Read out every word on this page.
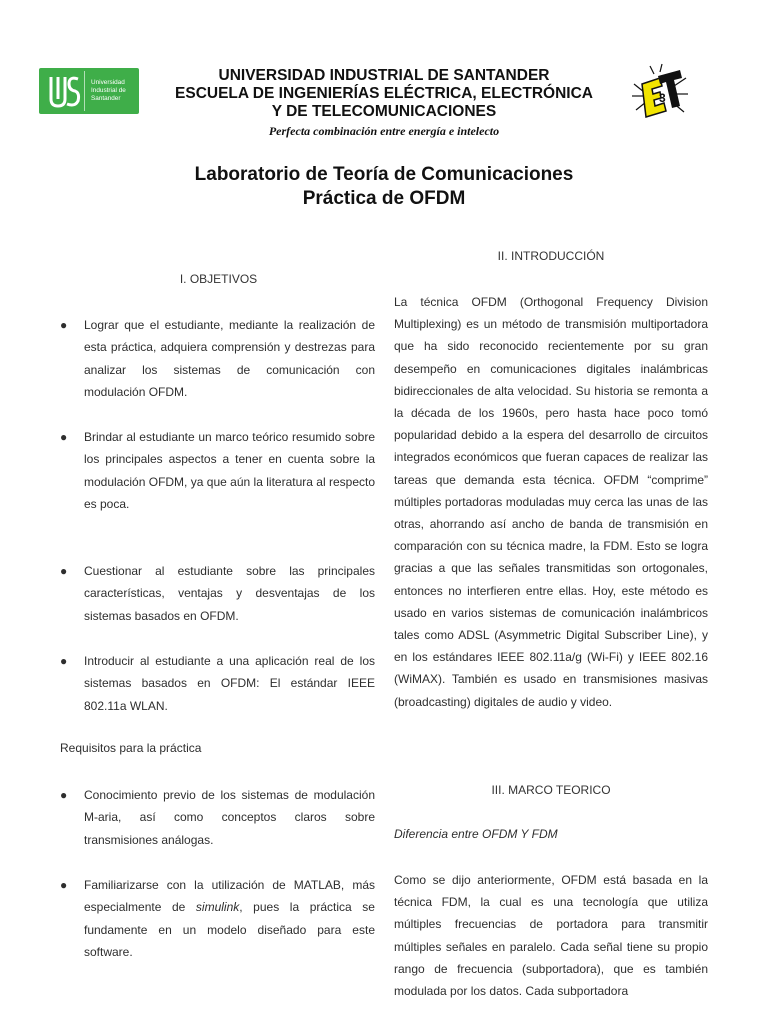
Universidad
Industrial de
Santander
UNIVERSIDAD INDUSTRIAL DE SANTANDER
ESCUELA DE INGENIERÍAS ELÉCTRICA, ELECTRÓNICA
Y DE TELECOMUNICACIONES
Perfecta combinación entre energía e intelecto
3
Laboratorio de Teoría de Comunicaciones
Práctica de OFDM
I. OBJETIVOS
● Lograr que el estudiante, mediante la realización de esta práctica, adquiera comprensión y destrezas para analizar los sistemas de comunicación con modulación OFDM.
● Brindar al estudiante un marco teórico resumido sobre los principales aspectos a tener en cuenta sobre la modulación OFDM, ya que aún la literatura al respecto es poca.
● Cuestionar al estudiante sobre las principales características, ventajas y desventajas de los sistemas basados en OFDM.
● Introducir al estudiante a una aplicación real de los sistemas basados en OFDM: El estándar IEEE 802.11a WLAN.
Requisitos para la práctica
● Conocimiento previo de los sistemas de modulación M-aria, así como conceptos claros sobre transmisiones análogas.
● Familiarizarse con la utilización de MATLAB, más especialmente de simulink, pues la práctica se fundamente en un modelo diseñado para este software.
II. INTRODUCCIÓN
La técnica OFDM (Orthogonal Frequency Division Multiplexing) es un método de transmisión multiportadora que ha sido reconocido recientemente por su gran desempeño en comunicaciones digitales inalámbricas bidireccionales de alta velocidad. Su historia se remonta a la década de los 1960s, pero hasta hace poco tomó popularidad debido a la espera del desarrollo de circuitos integrados económicos que fueran capaces de realizar las tareas que demanda esta técnica. OFDM “comprime” múltiples portadoras moduladas muy cerca las unas de las otras, ahorrando así ancho de banda de transmisión en comparación con su técnica madre, la FDM. Esto se logra gracias a que las señales transmitidas son ortogonales, entonces no interfieren entre ellas. Hoy, este método es usado en varios sistemas de comunicación inalámbricos tales como ADSL (Asymmetric Digital Subscriber Line), y en los estándares IEEE 802.11a/g (Wi-Fi) y IEEE 802.16 (WiMAX). También es usado en transmisiones masivas (broadcasting) digitales de audio y video.
III. MARCO TEORICO
Diferencia entre OFDM Y FDM
Como se dijo anteriormente, OFDM está basada en la técnica FDM, la cual es una tecnología que utiliza múltiples frecuencias de portadora para transmitir múltiples señales en paralelo. Cada señal tiene su propio rango de frecuencia (subportadora), que es también modulada por los datos. Cada subportadora
